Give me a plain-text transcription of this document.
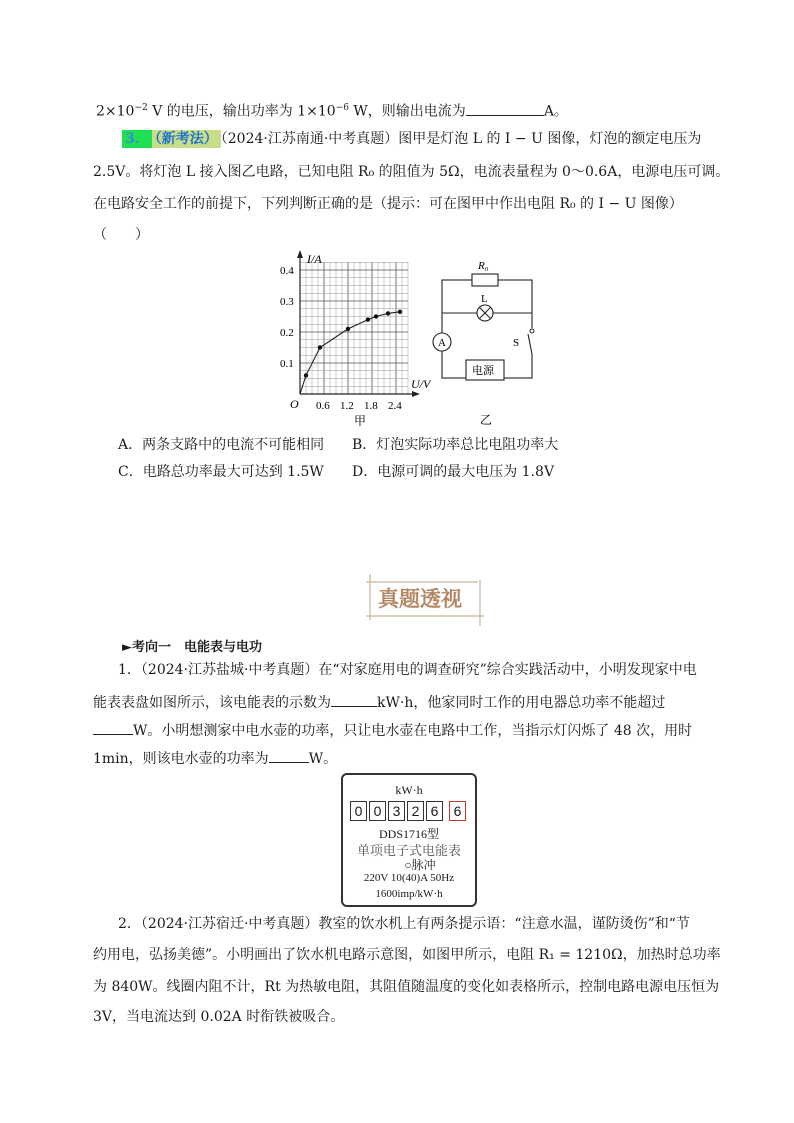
$2\times 10^{-2}$ V 的电压，输出功率为 $1\times 10^{-6}$ W，则输出电流为	A。
3． （新考法） （2024·江苏南通·中考真题）图甲是灯泡 L 的 I − U 图像，灯泡的额定电压为
2.5V。将灯泡 L 接入图乙电路，已知电阻 R₀ 的阻值为 5Ω，电流表量程为 0～0.6A，电源电压可调。
在电路安全工作的前提下，下列判断正确的是（提示：可在图甲中作出电阻 R₀ 的 I − U 图像）
（　　）
I/A
U/V
O
0.4
0.3
0.2
0.1
0.6 1.2 1.8 2.4
甲
R₀
L
A	S
电源
乙
A．两条支路中的电流不可能相同 B．灯泡实际功率总比电阻功率大
C．电路总功率最大可达到 1.5W D．电源可调的最大电压为 1.8V
真题透视
►考向一　电能表与电功
1．（2024·江苏盐城·中考真题）在“对家庭用电的调查研究”综合实践活动中，小明发现家中电
能表表盘如图所示，该电能表的示数为	kW·h，他家同时工作的用电器总功率不能超过
W。小明想测家中电水壶的功率，只让电水壶在电路中工作，当指示灯闪烁了 48 次，用时
1min，则该电水壶的功率为	W。
kW·h
0 0 3 2 6 6
DDS1716型
单项电子式电能表
○脉冲
220V 10(40)A 50Hz
1600imp/kW·h
2．（2024·江苏宿迁·中考真题）教室的饮水机上有两条提示语：“注意水温，谨防烫伤”和“节
约用电，弘扬美德”。小明画出了饮水机电路示意图，如图甲所示，电阻 R₁ = 1210Ω，加热时总功率
为 840W。线圈内阻不计，Rt 为热敏电阻，其阻值随温度的变化如表格所示，控制电路电源电压恒为
3V，当电流达到 0.02A 时衔铁被吸合。
